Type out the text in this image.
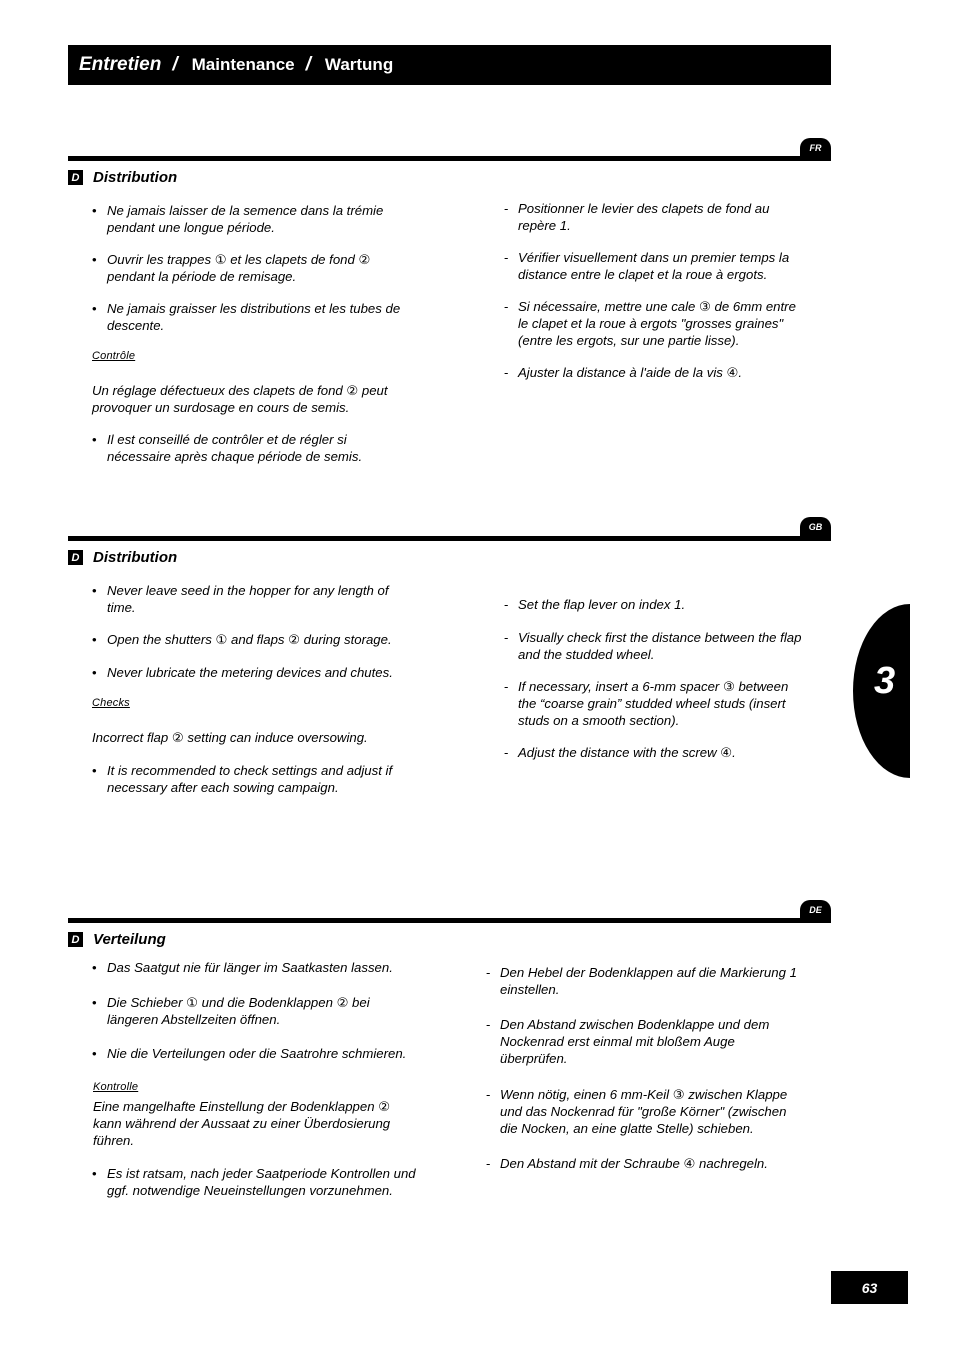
Entretien / Maintenance / Wartung
FR
D Distribution
GB
D Distribution
DE
D Verteilung
• Ne jamais laisser de la semence dans la trémie
pendant une longue période.
• Ouvrir les trappes ① et les clapets de fond ②
pendant la période de remisage.
• Ne jamais graisser les distributions et les tubes de
descente.
Contrôle
Un réglage défectueux des clapets de fond ② peut
provoquer un surdosage en cours de semis.
• Il est conseillé de contrôler et de régler si
nécessaire après chaque période de semis.
- Positionner le levier des clapets de fond au
repère 1.
- Vérifier visuellement dans un premier temps la
distance entre le clapet et la roue à ergots.
- Si nécessaire, mettre une cale ③ de 6mm entre
le clapet et la roue à ergots "grosses graines"
(entre les ergots, sur une partie lisse).
- Ajuster la distance à l'aide de la vis ④.
• Never leave seed in the hopper for any length of
time.
• Open the shutters ① and flaps ② during storage.
• Never lubricate the metering devices and chutes.
Checks
Incorrect flap ② setting can induce oversowing.
• It is recommended to check settings and adjust if
necessary after each sowing campaign.
- Set the flap lever on index 1.
- Visually check first the distance between the flap
and the studded wheel.
- If necessary, insert a 6-mm spacer ③ between
the “coarse grain” studded wheel studs (insert
studs on a smooth section).
- Adjust the distance with the screw ④.
• Das Saatgut nie für länger im Saatkasten lassen.
• Die Schieber ① und die Bodenklappen ② bei
längeren Abstellzeiten öffnen.
• Nie die Verteilungen oder die Saatrohre schmieren.
Kontrolle
Eine mangelhafte Einstellung der Bodenklappen ②
kann während der Aussaat zu einer Überdosierung
führen.
• Es ist ratsam, nach jeder Saatperiode Kontrollen und
ggf. notwendige Neueinstellungen vorzunehmen.
- Den Hebel der Bodenklappen auf die Markierung 1
einstellen.
- Den Abstand zwischen Bodenklappe und dem
Nockenrad erst einmal mit bloßem Auge
überprüfen.
- Wenn nötig, einen 6 mm-Keil ③ zwischen Klappe
und das Nockenrad für "große Körner" (zwischen
die Nocken, an eine glatte Stelle) schieben.
- Den Abstand mit der Schraube ④ nachregeln.
3
63
